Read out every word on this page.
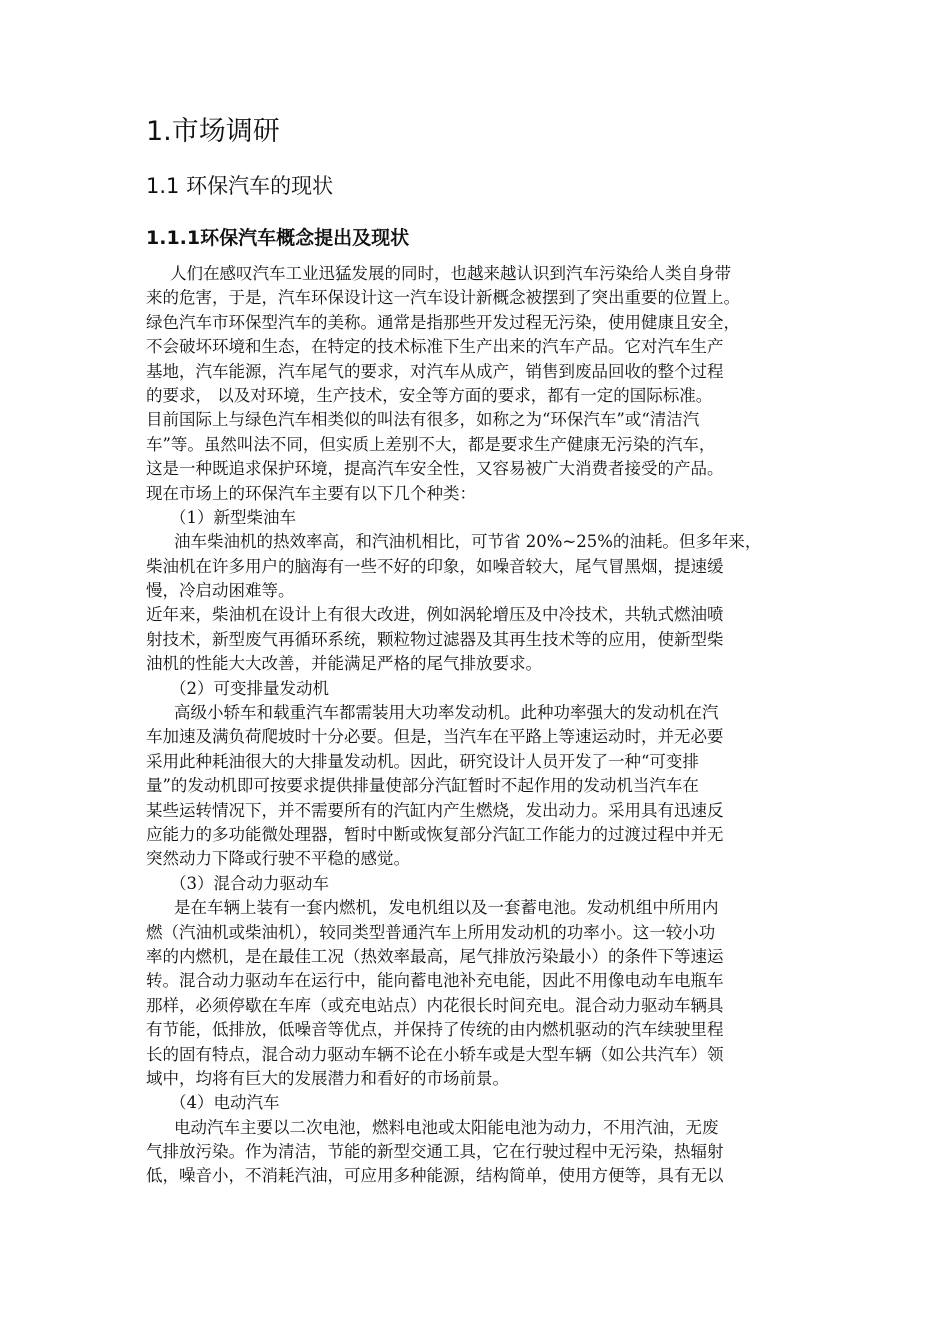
1.市场调研
1.1 环保汽车的现状
1.1.1环保汽车概念提出及现状
人们在感叹汽车工业迅猛发展的同时，也越来越认识到汽车污染给人类自身带
来的危害，于是，汽车环保设计这一汽车设计新概念被摆到了突出重要的位置上。
绿色汽车市环保型汽车的美称。通常是指那些开发过程无污染，使用健康且安全，
不会破坏环境和生态，在特定的技术标准下生产出来的汽车产品。它对汽车生产
基地，汽车能源，汽车尾气的要求，对汽车从成产，销售到废品回收的整个过程
的要求， 以及对环境，生产技术，安全等方面的要求，都有一定的国际标准。
目前国际上与绿色汽车相类似的叫法有很多，如称之为“环保汽车”或“清洁汽
车”等。虽然叫法不同，但实质上差别不大，都是要求生产健康无污染的汽车，
这是一种既追求保护环境，提高汽车安全性，又容易被广大消费者接受的产品。
现在市场上的环保汽车主要有以下几个种类：
（1）新型柴油车
油车柴油机的热效率高，和汽油机相比，可节省 20%~25%的油耗。但多年来，
柴油机在许多用户的脑海有一些不好的印象，如噪音较大，尾气冒黑烟，提速缓
慢，冷启动困难等。
近年来，柴油机在设计上有很大改进，例如涡轮增压及中冷技术，共轨式燃油喷
射技术，新型废气再循环系统，颗粒物过滤器及其再生技术等的应用，使新型柴
油机的性能大大改善，并能满足严格的尾气排放要求。
（2）可变排量发动机
高级小轿车和载重汽车都需装用大功率发动机。此种功率强大的发动机在汽
车加速及满负荷爬坡时十分必要。但是，当汽车在平路上等速运动时，并无必要
采用此种耗油很大的大排量发动机。因此，研究设计人员开发了一种“可变排
量”的发动机即可按要求提供排量使部分汽缸暂时不起作用的发动机当汽车在
某些运转情况下，并不需要所有的汽缸内产生燃烧，发出动力。采用具有迅速反
应能力的多功能微处理器，暂时中断或恢复部分汽缸工作能力的过渡过程中并无
突然动力下降或行驶不平稳的感觉。
（3）混合动力驱动车
是在车辆上装有一套内燃机，发电机组以及一套蓄电池。发动机组中所用内
燃（汽油机或柴油机），较同类型普通汽车上所用发动机的功率小。这一较小功
率的内燃机，是在最佳工况（热效率最高，尾气排放污染最小）的条件下等速运
转。混合动力驱动车在运行中，能向蓄电池补充电能，因此不用像电动车电瓶车
那样，必须停歇在车库（或充电站点）内花很长时间充电。混合动力驱动车辆具
有节能，低排放，低噪音等优点，并保持了传统的由内燃机驱动的汽车续驶里程
长的固有特点，混合动力驱动车辆不论在小轿车或是大型车辆（如公共汽车）领
域中，均将有巨大的发展潜力和看好的市场前景。
（4）电动汽车
电动汽车主要以二次电池，燃料电池或太阳能电池为动力，不用汽油，无废
气排放污染。作为清洁，节能的新型交通工具，它在行驶过程中无污染，热辐射
低，噪音小，不消耗汽油，可应用多种能源，结构简单，使用方便等，具有无以
